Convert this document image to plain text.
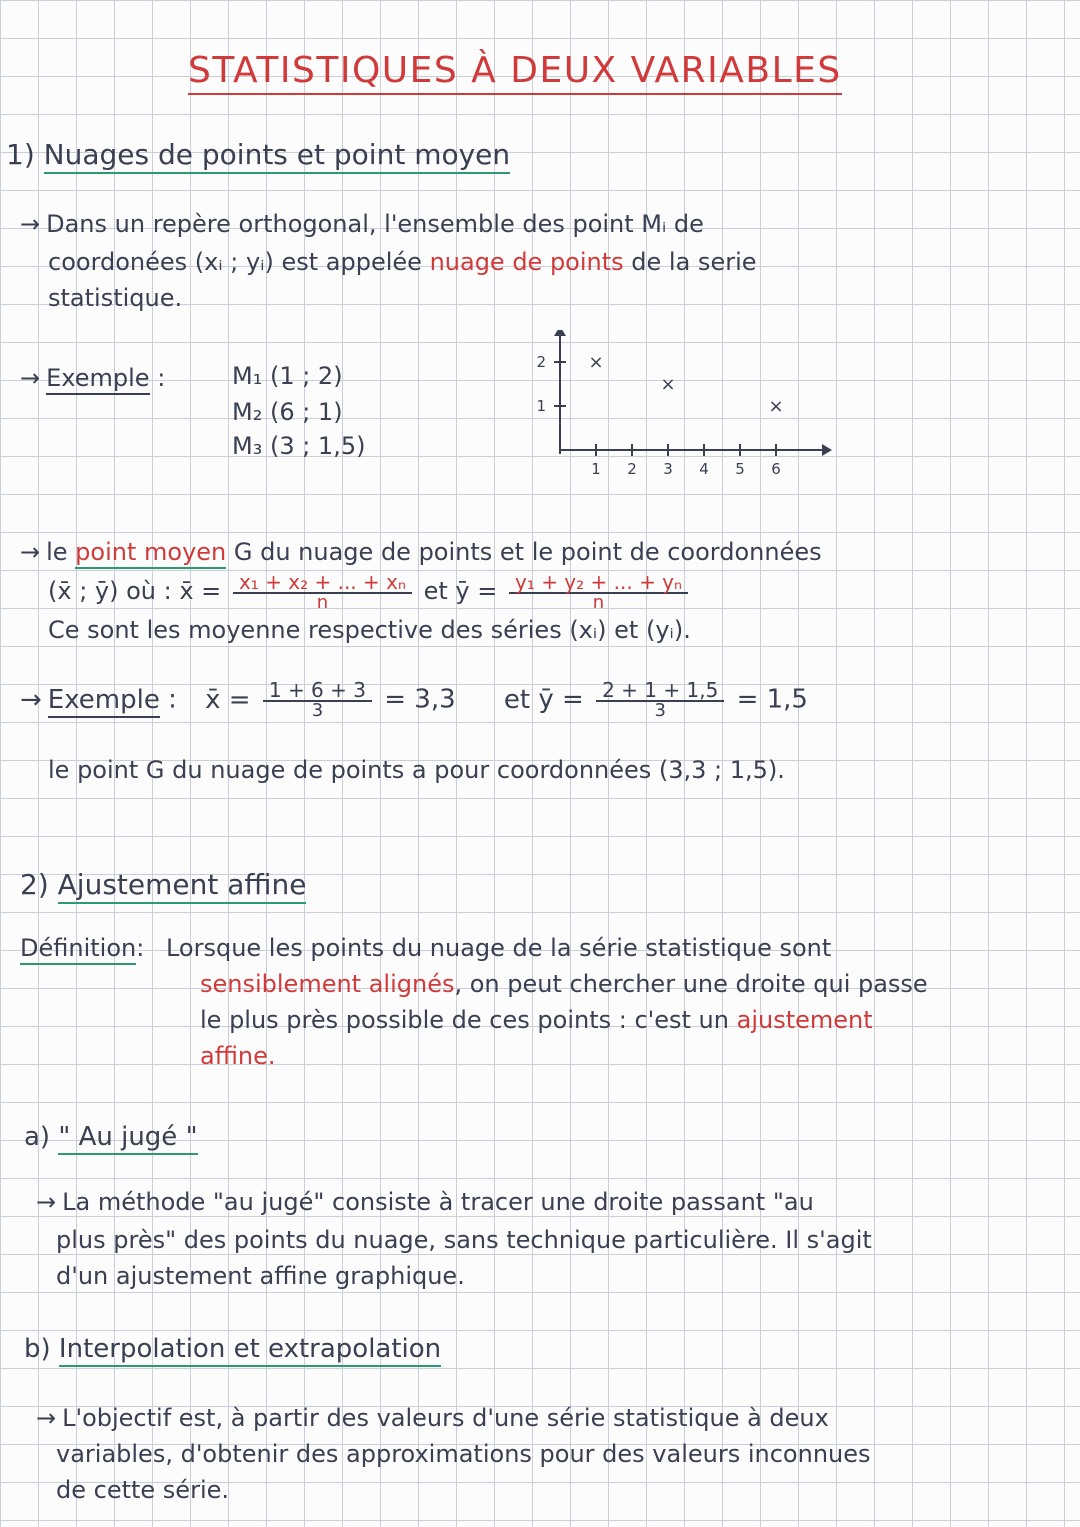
STATISTIQUES À DEUX VARIABLES
1) Nuages de points et point moyen
→ Dans un repère orthogonal, l'ensemble des point Mᵢ de
coordonées (xᵢ ; yᵢ) est appelée nuage de points de la serie
statistique.
→ Exemple :	M₁ (1 ; 2)
M₂ (6 ; 1)
M₃ (3 ; 1,5)
1 2 3 4 5 6
1
2 ×
×
×
→ le point moyen G du nuage de points et le point de coordonnées
(x̄ ; ȳ) où : x̄ = $\frac{\text{x₁ + x₂ + ... + xₙ}}{n}$ et ȳ = $\frac{\text{y₁ + y₂ + ... + yₙ}}{n}$
Ce sont les moyenne respective des séries (xᵢ) et (yᵢ).
→ Exemple : x̄ = $\frac{1 + 6 + 3}{3} = 3,3$ et ȳ = $\frac{2 + 1 + 1,5}{3} = 1,5$
le point G du nuage de points a pour coordonnées (3,3 ; 1,5).
2) Ajustement affine
Définition: Lorsque les points du nuage de la série statistique sont
sensiblement alignés, on peut chercher une droite qui passe
le plus près possible de ces points : c'est un ajustement
affine.
a) " Au jugé "
→ La méthode "au jugé" consiste à tracer une droite passant "au
plus près" des points du nuage, sans technique particulière. Il s'agit
d'un ajustement affine graphique.
b) Interpolation et extrapolation
→ L'objectif est, à partir des valeurs d'une série statistique à deux
variables, d'obtenir des approximations pour des valeurs inconnues
de cette série.
